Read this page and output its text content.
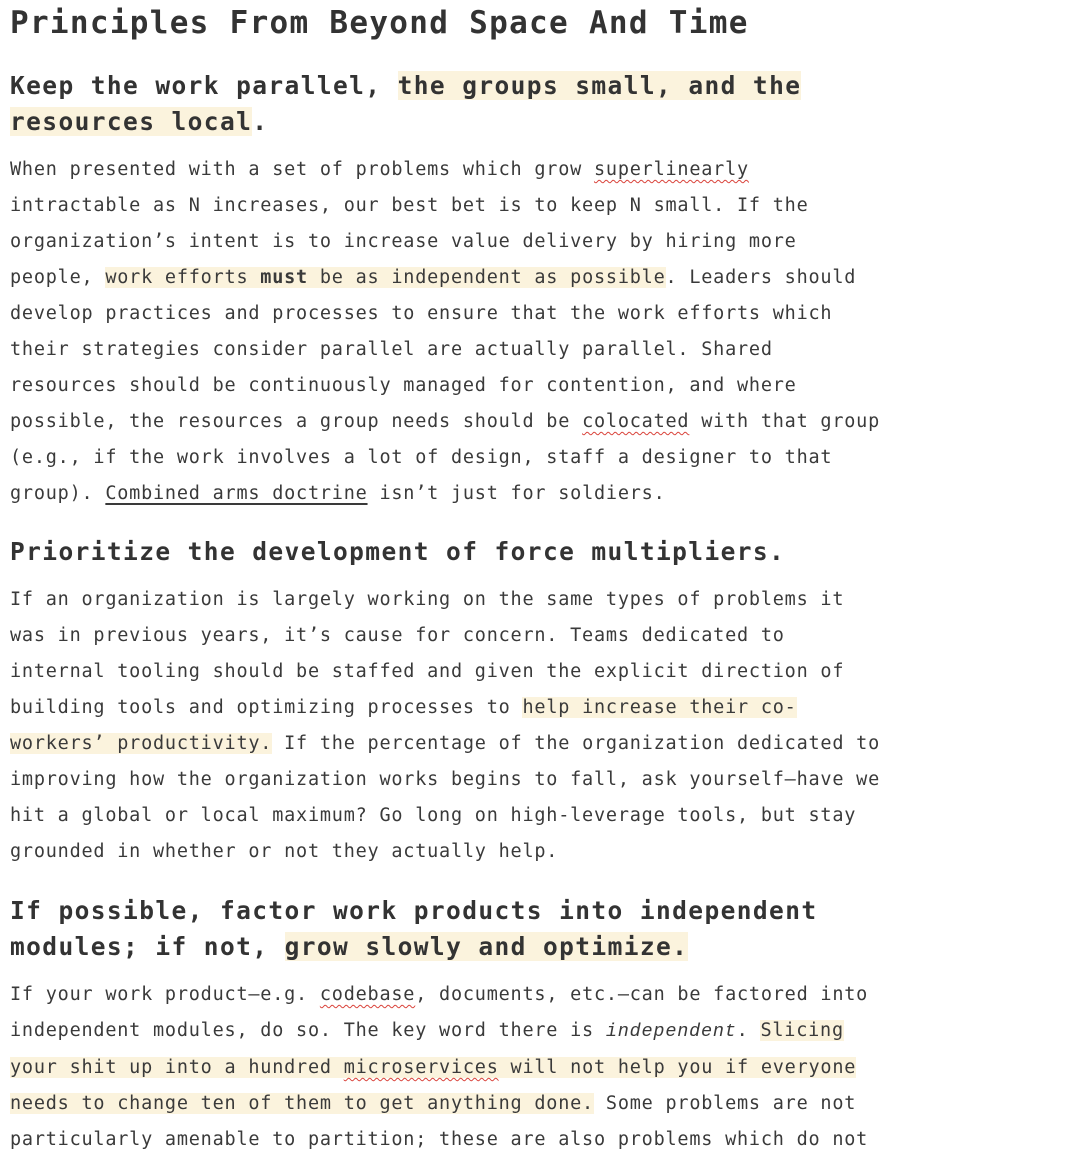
Principles From Beyond Space And Time
Keep the work parallel, the groups small, and the
resources local.
When presented with a set of problems which grow superlinearly
intractable as N increases, our best bet is to keep N small. If the
organization’s intent is to increase value delivery by hiring more
people, work efforts must be as independent as possible. Leaders should
develop practices and processes to ensure that the work efforts which
their strategies consider parallel are actually parallel. Shared
resources should be continuously managed for contention, and where
possible, the resources a group needs should be colocated with that group
(e.g., if the work involves a lot of design, staff a designer to that
group). Combined arms doctrine isn’t just for soldiers.
Prioritize the development of force multipliers.
If an organization is largely working on the same types of problems it
was in previous years, it’s cause for concern. Teams dedicated to
internal tooling should be staffed and given the explicit direction of
building tools and optimizing processes to help increase their co-
workers’ productivity. If the percentage of the organization dedicated to
improving how the organization works begins to fall, ask yourself—have we
hit a global or local maximum? Go long on high-leverage tools, but stay
grounded in whether or not they actually help.
If possible, factor work products into independent
modules; if not, grow slowly and optimize.
If your work product—e.g. codebase, documents, etc.—can be factored into
independent modules, do so. The key word there is independent. Slicing
your shit up into a hundred microservices will not help you if everyone
needs to change ten of them to get anything done. Some problems are not
particularly amenable to partition; these are also problems which do not
